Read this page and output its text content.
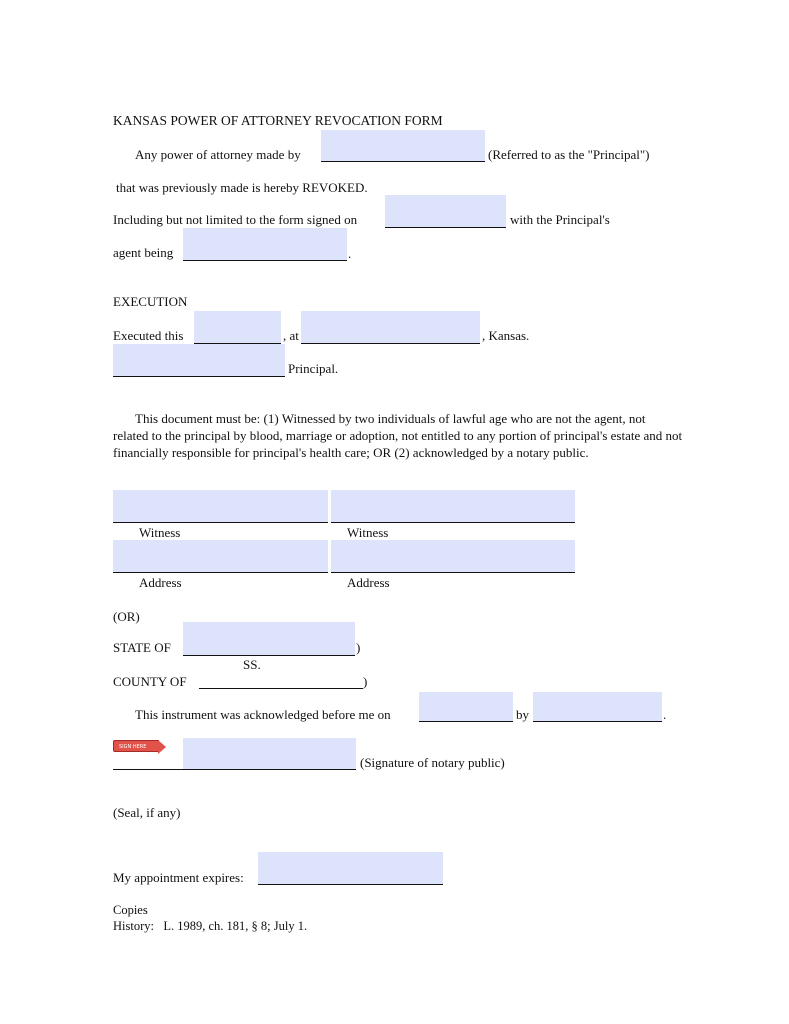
KANSAS POWER OF ATTORNEY REVOCATION FORM
Any power of attorney made by	(Referred to as the "Principal")
that was previously made is hereby REVOKED.
Including but not limited to the form signed on	with the Principal's
agent being	.
EXECUTION
Executed this	, at	, Kansas.
Principal.
This document must be: (1) Witnessed by two individuals of lawful age who are not the agent, not related to the principal by blood, marriage or adoption, not entitled to any portion of principal's estate and not financially responsible for principal's health care; OR (2) acknowledged by a notary public.
Witness	Witness
Address	Address
(OR)
STATE OF	)
SS.
COUNTY OF	)
This instrument was acknowledged before me on	by	.
SIGN HERE
(Signature of notary public)
(Seal, if any)
My appointment expires:
Copies
History:   L. 1989, ch. 181, § 8; July 1.
